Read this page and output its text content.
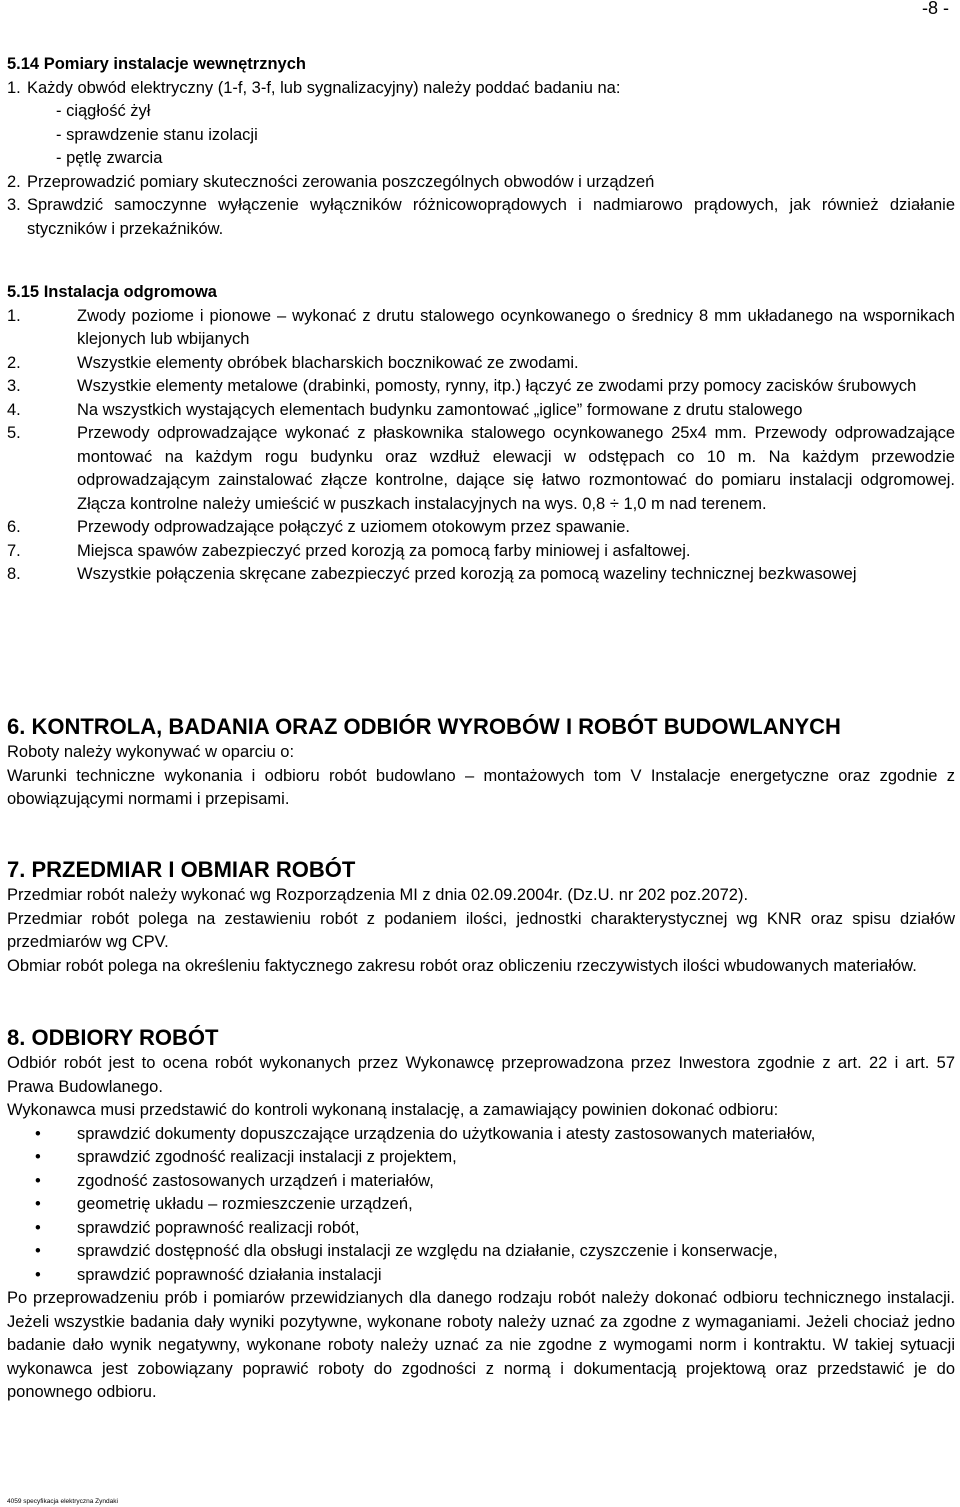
-8 -
5.14 Pomiary instalacje wewnętrznych
1. Każdy obwód elektryczny (1-f, 3-f, lub sygnalizacyjny) należy poddać badaniu na:
- ciągłość żył
- sprawdzenie stanu izolacji
- pętlę zwarcia
2. Przeprowadzić pomiary skuteczności zerowania poszczególnych obwodów i urządzeń
3. Sprawdzić samoczynne wyłączenie wyłączników różnicowoprądowych i nadmiarowo prądowych, jak również działanie styczników i przekaźników.
5.15 Instalacja odgromowa
1.	Zwody poziome i pionowe – wykonać z drutu stalowego ocynkowanego o średnicy 8 mm układanego na wspornikach klejonych lub wbijanych
2.	Wszystkie elementy obróbek blacharskich bocznikować ze zwodami.
3.	Wszystkie elementy metalowe (drabinki, pomosty, rynny, itp.) łączyć ze zwodami przy pomocy zacisków śrubowych
4.	Na wszystkich wystających elementach budynku zamontować „iglice” formowane z drutu stalowego
5.	Przewody odprowadzające wykonać z płaskownika stalowego ocynkowanego 25x4 mm. Przewody odprowadzające montować na każdym rogu budynku oraz wzdłuż elewacji w odstępach co 10 m. Na każdym przewodzie odprowadzającym zainstalować złącze kontrolne, dające się łatwo rozmontować do pomiaru instalacji odgromowej. Złącza kontrolne należy umieścić w puszkach instalacyjnych na wys. 0,8 ÷ 1,0 m nad terenem.
6.	Przewody odprowadzające połączyć z uziomem otokowym przez spawanie.
7.	Miejsca spawów zabezpieczyć przed korozją za pomocą farby miniowej i asfaltowej.
8.	Wszystkie połączenia skręcane zabezpieczyć przed korozją za pomocą wazeliny technicznej bezkwasowej
6. KONTROLA, BADANIA ORAZ ODBIÓR WYROBÓW I ROBÓT BUDOWLANYCH
Roboty należy wykonywać w oparciu o:
Warunki techniczne wykonania i odbioru robót budowlano – montażowych tom V Instalacje energetyczne oraz zgodnie z obowiązującymi normami i przepisami.
7. PRZEDMIAR I OBMIAR ROBÓT
Przedmiar robót należy wykonać wg Rozporządzenia MI z dnia 02.09.2004r. (Dz.U. nr 202 poz.2072).
Przedmiar robót polega na zestawieniu robót z podaniem ilości, jednostki charakterystycznej wg KNR oraz spisu działów przedmiarów wg CPV.
Obmiar robót polega na określeniu faktycznego zakresu robót oraz obliczeniu rzeczywistych ilości wbudowanych materiałów.
8. ODBIORY ROBÓT
Odbiór robót jest to ocena robót wykonanych przez Wykonawcę przeprowadzona przez Inwestora zgodnie z art. 22 i art. 57 Prawa Budowlanego.
Wykonawca musi przedstawić do kontroli wykonaną instalację, a zamawiający powinien dokonać odbioru:
• sprawdzić dokumenty dopuszczające urządzenia do użytkowania i atesty zastosowanych materiałów,
• sprawdzić zgodność realizacji instalacji z projektem,
• zgodność zastosowanych urządzeń i materiałów,
• geometrię układu – rozmieszczenie urządzeń,
• sprawdzić poprawność realizacji robót,
• sprawdzić dostępność dla obsługi instalacji ze względu na działanie, czyszczenie i konserwacje,
• sprawdzić poprawność działania instalacji
Po przeprowadzeniu prób i pomiarów przewidzianych dla danego rodzaju robót należy dokonać odbioru technicznego instalacji. Jeżeli wszystkie badania dały wyniki pozytywne, wykonane roboty należy uznać za zgodne z wymaganiami. Jeżeli chociaż jedno badanie dało wynik negatywny, wykonane roboty należy uznać za nie zgodne z wymogami norm i kontraktu. W takiej sytuacji wykonawca jest zobowiązany poprawić roboty do zgodności z normą i dokumentacją projektową oraz przedstawić je do ponownego odbioru.
4059 specyfikacja elektryczna Zyndaki
